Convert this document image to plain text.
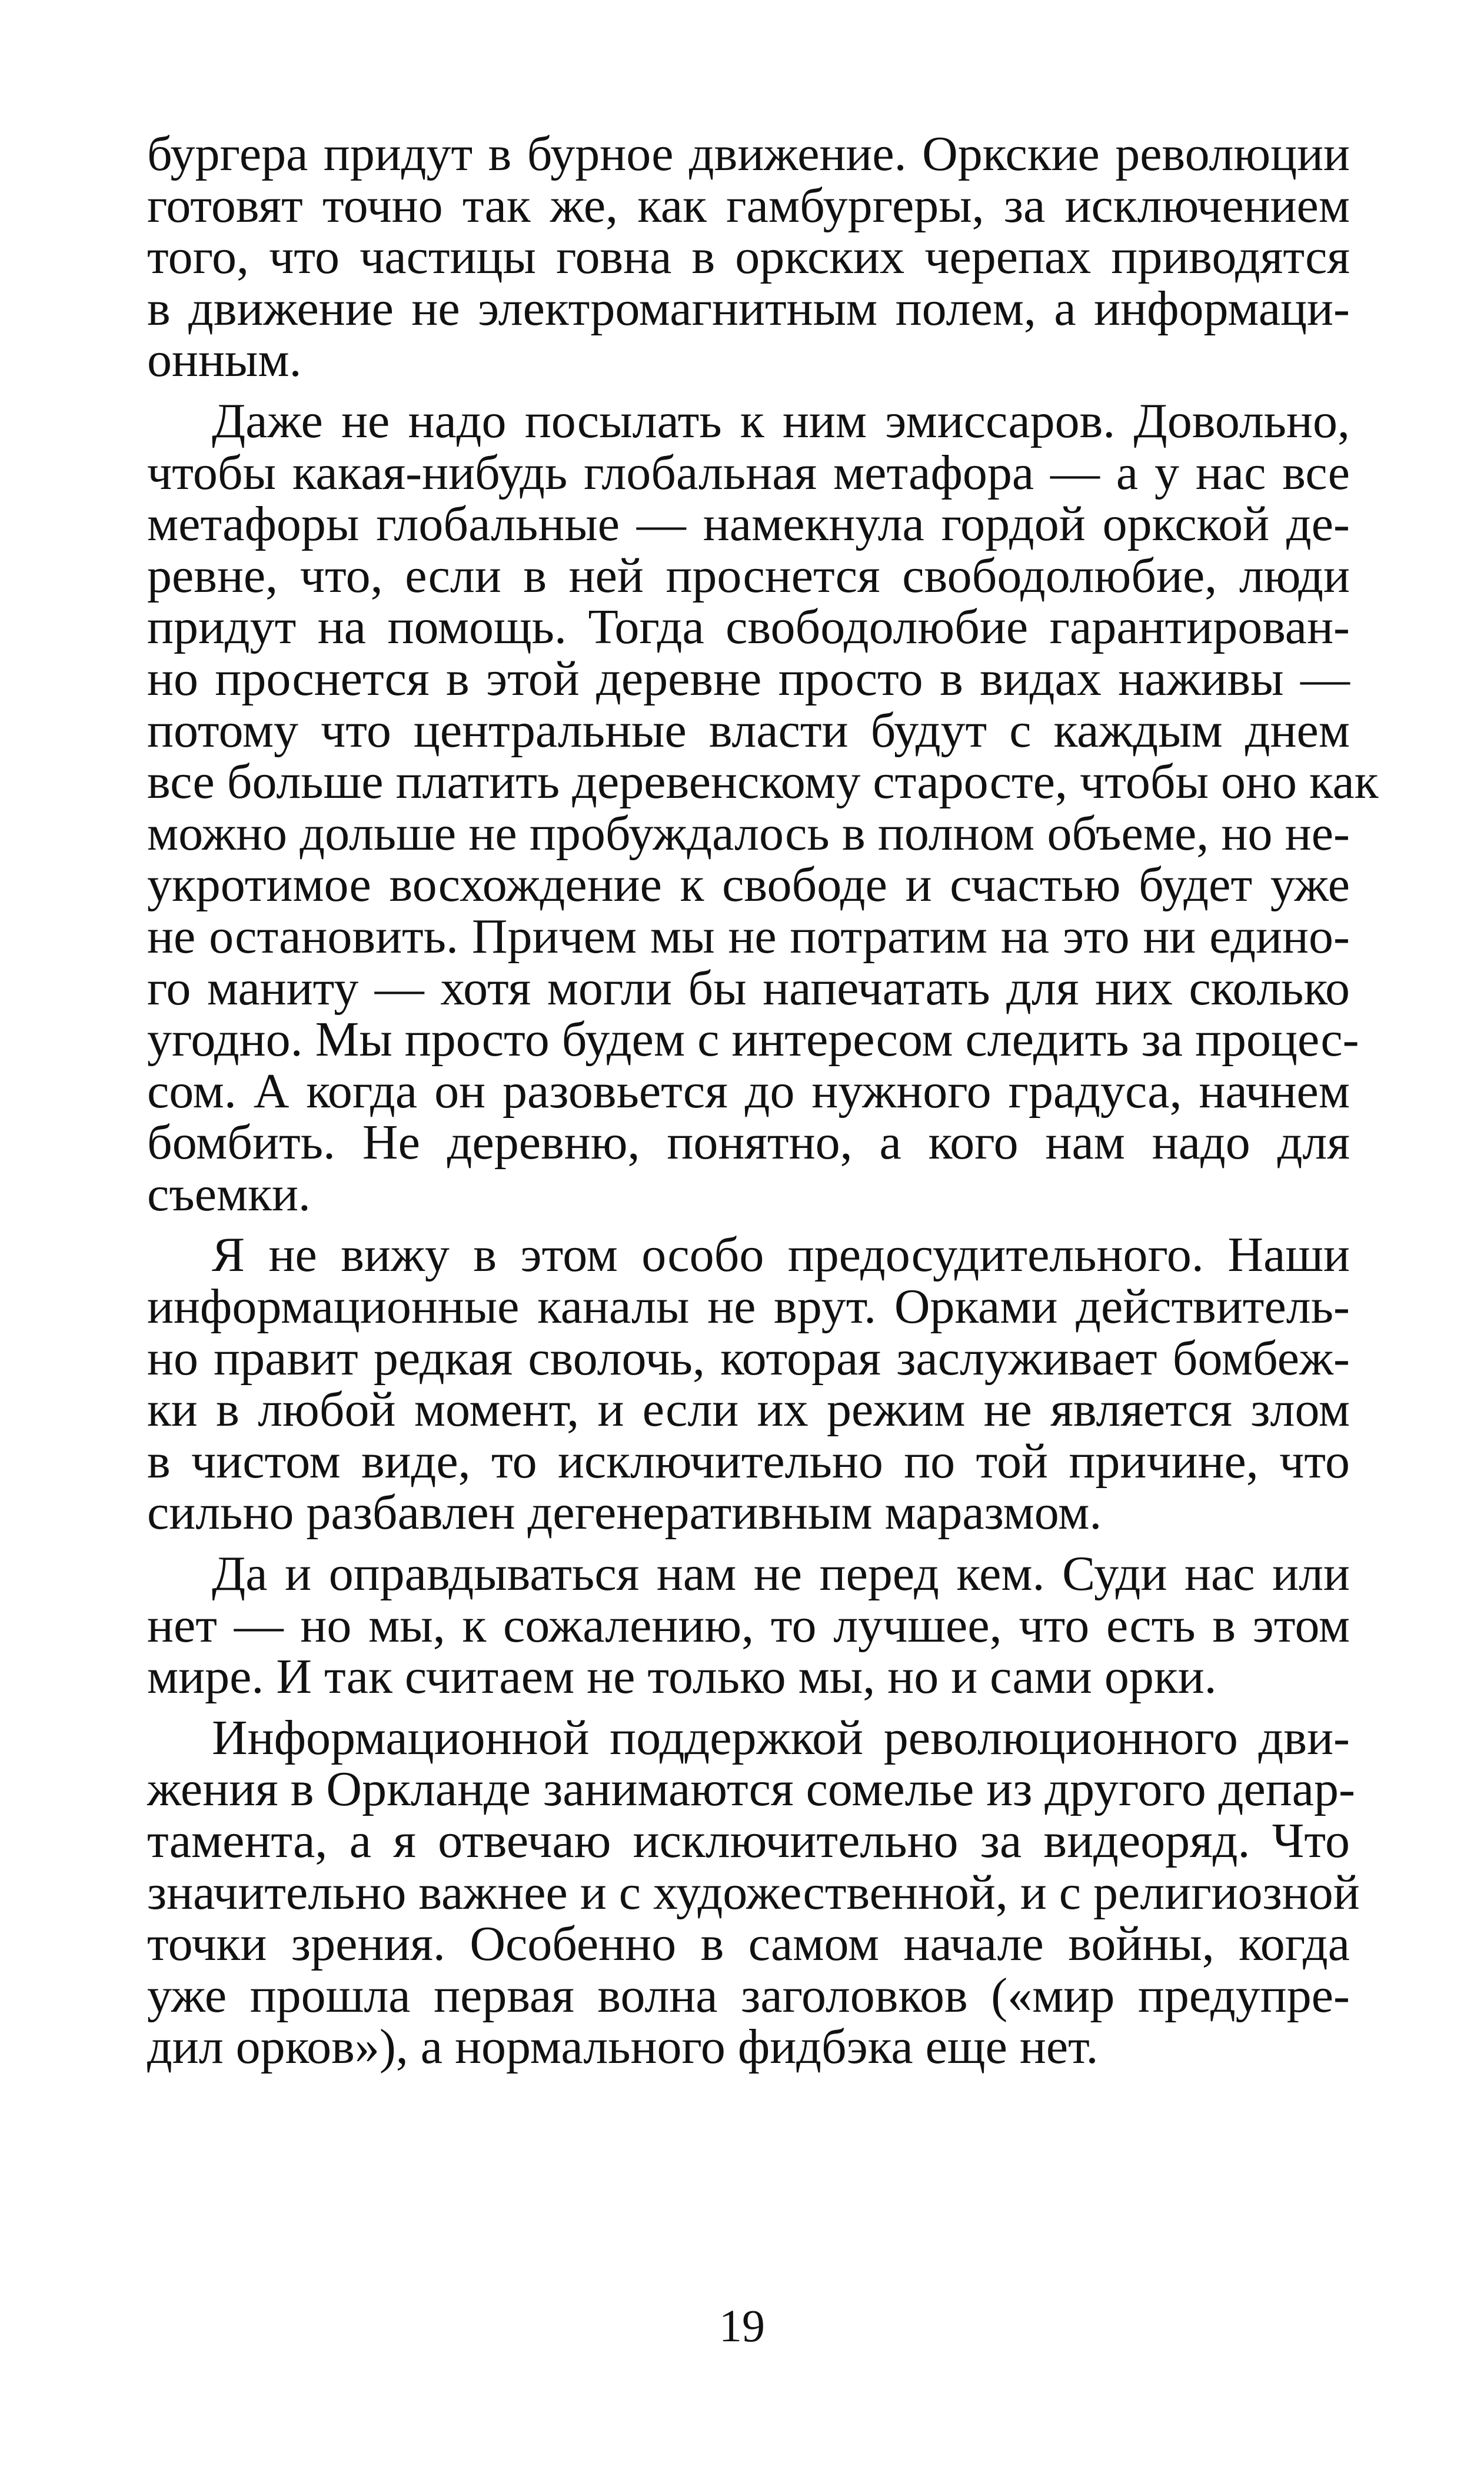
бургера придут в бурное движение. Оркские революции
готовят точно так же, как гамбургеры, за исключением
того, что частицы говна в оркских черепах приводятся
в движение не электромагнитным полем, а информаци-
онным.
Даже не надо посылать к ним эмиссаров. Довольно,
чтобы какая-нибудь глобальная метафора — а у нас все
метафоры глобальные — намекнула гордой оркской де-
ревне, что, если в ней проснется свободолюбие, люди
придут на помощь. Тогда свободолюбие гарантирован-
но проснется в этой деревне просто в видах наживы —
потому что центральные власти будут с каждым днем
все больше платить деревенскому старосте, чтобы оно как
можно дольше не пробуждалось в полном объеме, но не-
укротимое восхождение к свободе и счастью будет уже
не остановить. Причем мы не потратим на это ни едино-
го маниту — хотя могли бы напечатать для них сколько
угодно. Мы просто будем с интересом следить за процес-
сом. А когда он разовьется до нужного градуса, начнем
бомбить. Не деревню, понятно, а кого нам надо для
съемки.
Я не вижу в этом особо предосудительного. Наши
информационные каналы не врут. Орками действитель-
но правит редкая сволочь, которая заслуживает бомбеж-
ки в любой момент, и если их режим не является злом
в чистом виде, то исключительно по той причине, что
сильно разбавлен дегенеративным маразмом.
Да и оправдываться нам не перед кем. Суди нас или
нет — но мы, к сожалению, то лучшее, что есть в этом
мире. И так считаем не только мы, но и сами орки.
Информационной поддержкой революционного дви-
жения в Оркланде занимаются сомелье из другого депар-
тамента, а я отвечаю исключительно за видеоряд. Что
значительно важнее и с художественной, и с религиозной
точки зрения. Особенно в самом начале войны, когда
уже прошла первая волна заголовков («мир предупре-
дил орков»), а нормального фидбэка еще нет.
19
